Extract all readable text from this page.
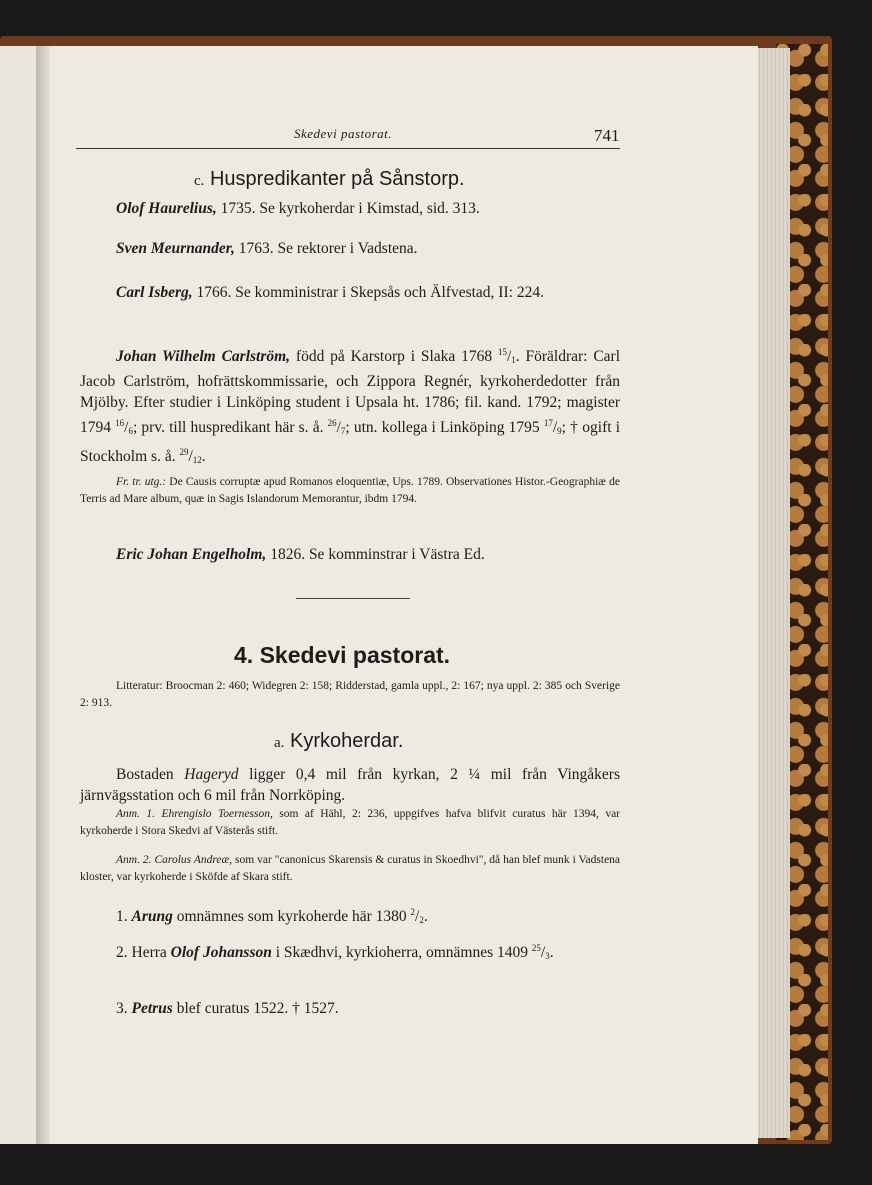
Skedevi pastorat.	741

c. Huspredikanter på Sånstorp.

Olof Haurelius, 1735. Se kyrkoherdar i Kimstad, sid. 313.

Sven Meurnander, 1763. Se rektorer i Vadstena.

Carl Isberg, 1766. Se komministrar i Skepsås och Älfvestad, II: 224.

Johan Wilhelm Carlström, född på Karstorp i Slaka 1768 $^{15}/_1$. Föräldrar: Carl Jacob Carlström, hofrättskommissarie, och Zippora Regnér, kyrkoherdedotter från Mjölby. Efter studier i Linköping student i Upsala ht. 1786; fil. kand. 1792; magister 1794 $^{16}/_6$; prv. till huspredikant här s. å. $^{26}/_7$; utn. kollega i Linköping 1795 $^{17}/_9$; † ogift i Stockholm s. å. $^{29}/_{12}$.

Fr. tr. utg.: De Causis corruptæ apud Romanos eloquentiæ, Ups. 1789. Observationes Histor.-Geographiæ de Terris ad Mare album, quæ in Sagis Islandorum Memorantur, ibdm 1794.

Eric Johan Engelholm, 1826. Se komminstrar i Västra Ed.

4. Skedevi pastorat.

Litteratur: Broocman 2: 460; Widegren 2: 158; Ridderstad, gamla uppl., 2: 167; nya uppl. 2: 385 och Sverige 2: 913.

a. Kyrkoherdar.

Bostaden Hageryd ligger 0,4 mil från kyrkan, 2 ¼ mil från Vingåkers järnvägsstation och 6 mil från Norrköping.

Anm. 1. Ehrengislo Toernesson, som af Hähl, 2: 236, uppgifves hafva blifvit curatus här 1394, var kyrkoherde i Stora Skedvi af Västerås stift.

Anm. 2. Carolus Andreæ, som var "canonicus Skarensis & curatus in Skoedhvi", då han blef munk i Vadstena kloster, var kyrkoherde i Sköfde af Skara stift.

1. Arung omnämnes som kyrkoherde här 1380 $^2/_2$.

2. Herra Olof Johansson i Skædhvi, kyrkioherra, omnämnes 1409 $^{25}/_3$.

3. Petrus blef curatus 1522. † 1527.
